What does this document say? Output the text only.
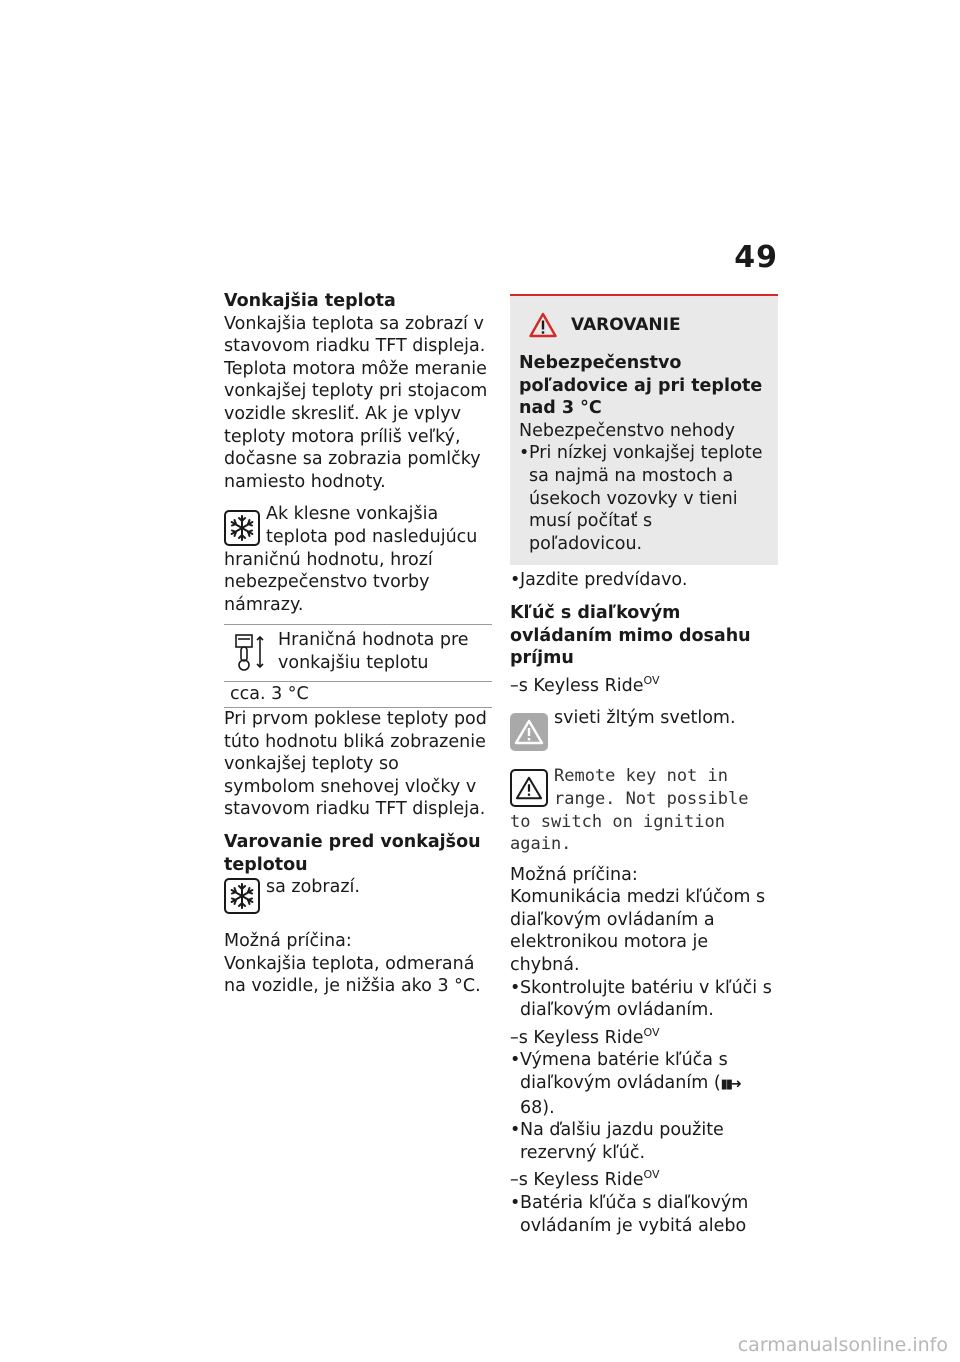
49

Vonkajšia teplota

Vonkajšia teplota sa zobrazí v stavovom riadku TFT displeja. Teplota motora môže meranie vonkajšej teploty pri stojacom vozidle skresliť. Ak je vplyv teploty motora príliš veľký, dočasne sa zobrazia pomlčky namiesto hodnoty.

Ak klesne vonkajšia teplota pod nasledujúcu hraničnú hodnotu, hrozí nebezpečenstvo tvorby námrazy.

Hraničná hodnota pre vonkajšiu teplotu

cca. 3 °C

Pri prvom poklese teploty pod túto hodnotu bliká zobrazenie vonkajšej teploty so symbolom snehovej vločky v stavovom riadku TFT displeja.

Varovanie pred vonkajšou teplotou

sa zobrazí.

Možná príčina:

Vonkajšia teplota, odmeraná na vozidle, je nižšia ako 3 °C.

VAROVANIE

Nebezpečenstvo poľadovice aj pri teplote nad 3 °C

Nebezpečenstvo nehody

• Pri nízkej vonkajšej teplote sa najmä na mostoch a úsekoch vozovky v tieni musí počítať s poľadovicou.

• Jazdite predvídavo.

Kľúč s diaľkovým ovládaním mimo dosahu príjmu

–s Keyless Ride$^{OV}$

svieti žltým svetlom.

Remote key not in range. Not possible to switch on ignition again.

Možná príčina:

Komunikácia medzi kľúčom s diaľkovým ovládaním a elektronikou motora je chybná.

• Skontrolujte batériu v kľúči s diaľkovým ovládaním.

–s Keyless Ride$^{OV}$

• Výmena batérie kľúča s diaľkovým ovládaním (▮▮➜ 68).

• Na ďalšiu jazdu použite rezervný kľúč.

–s Keyless Ride$^{OV}$

• Batéria kľúča s diaľkovým ovládaním je vybitá alebo

carmanualsonline.info
